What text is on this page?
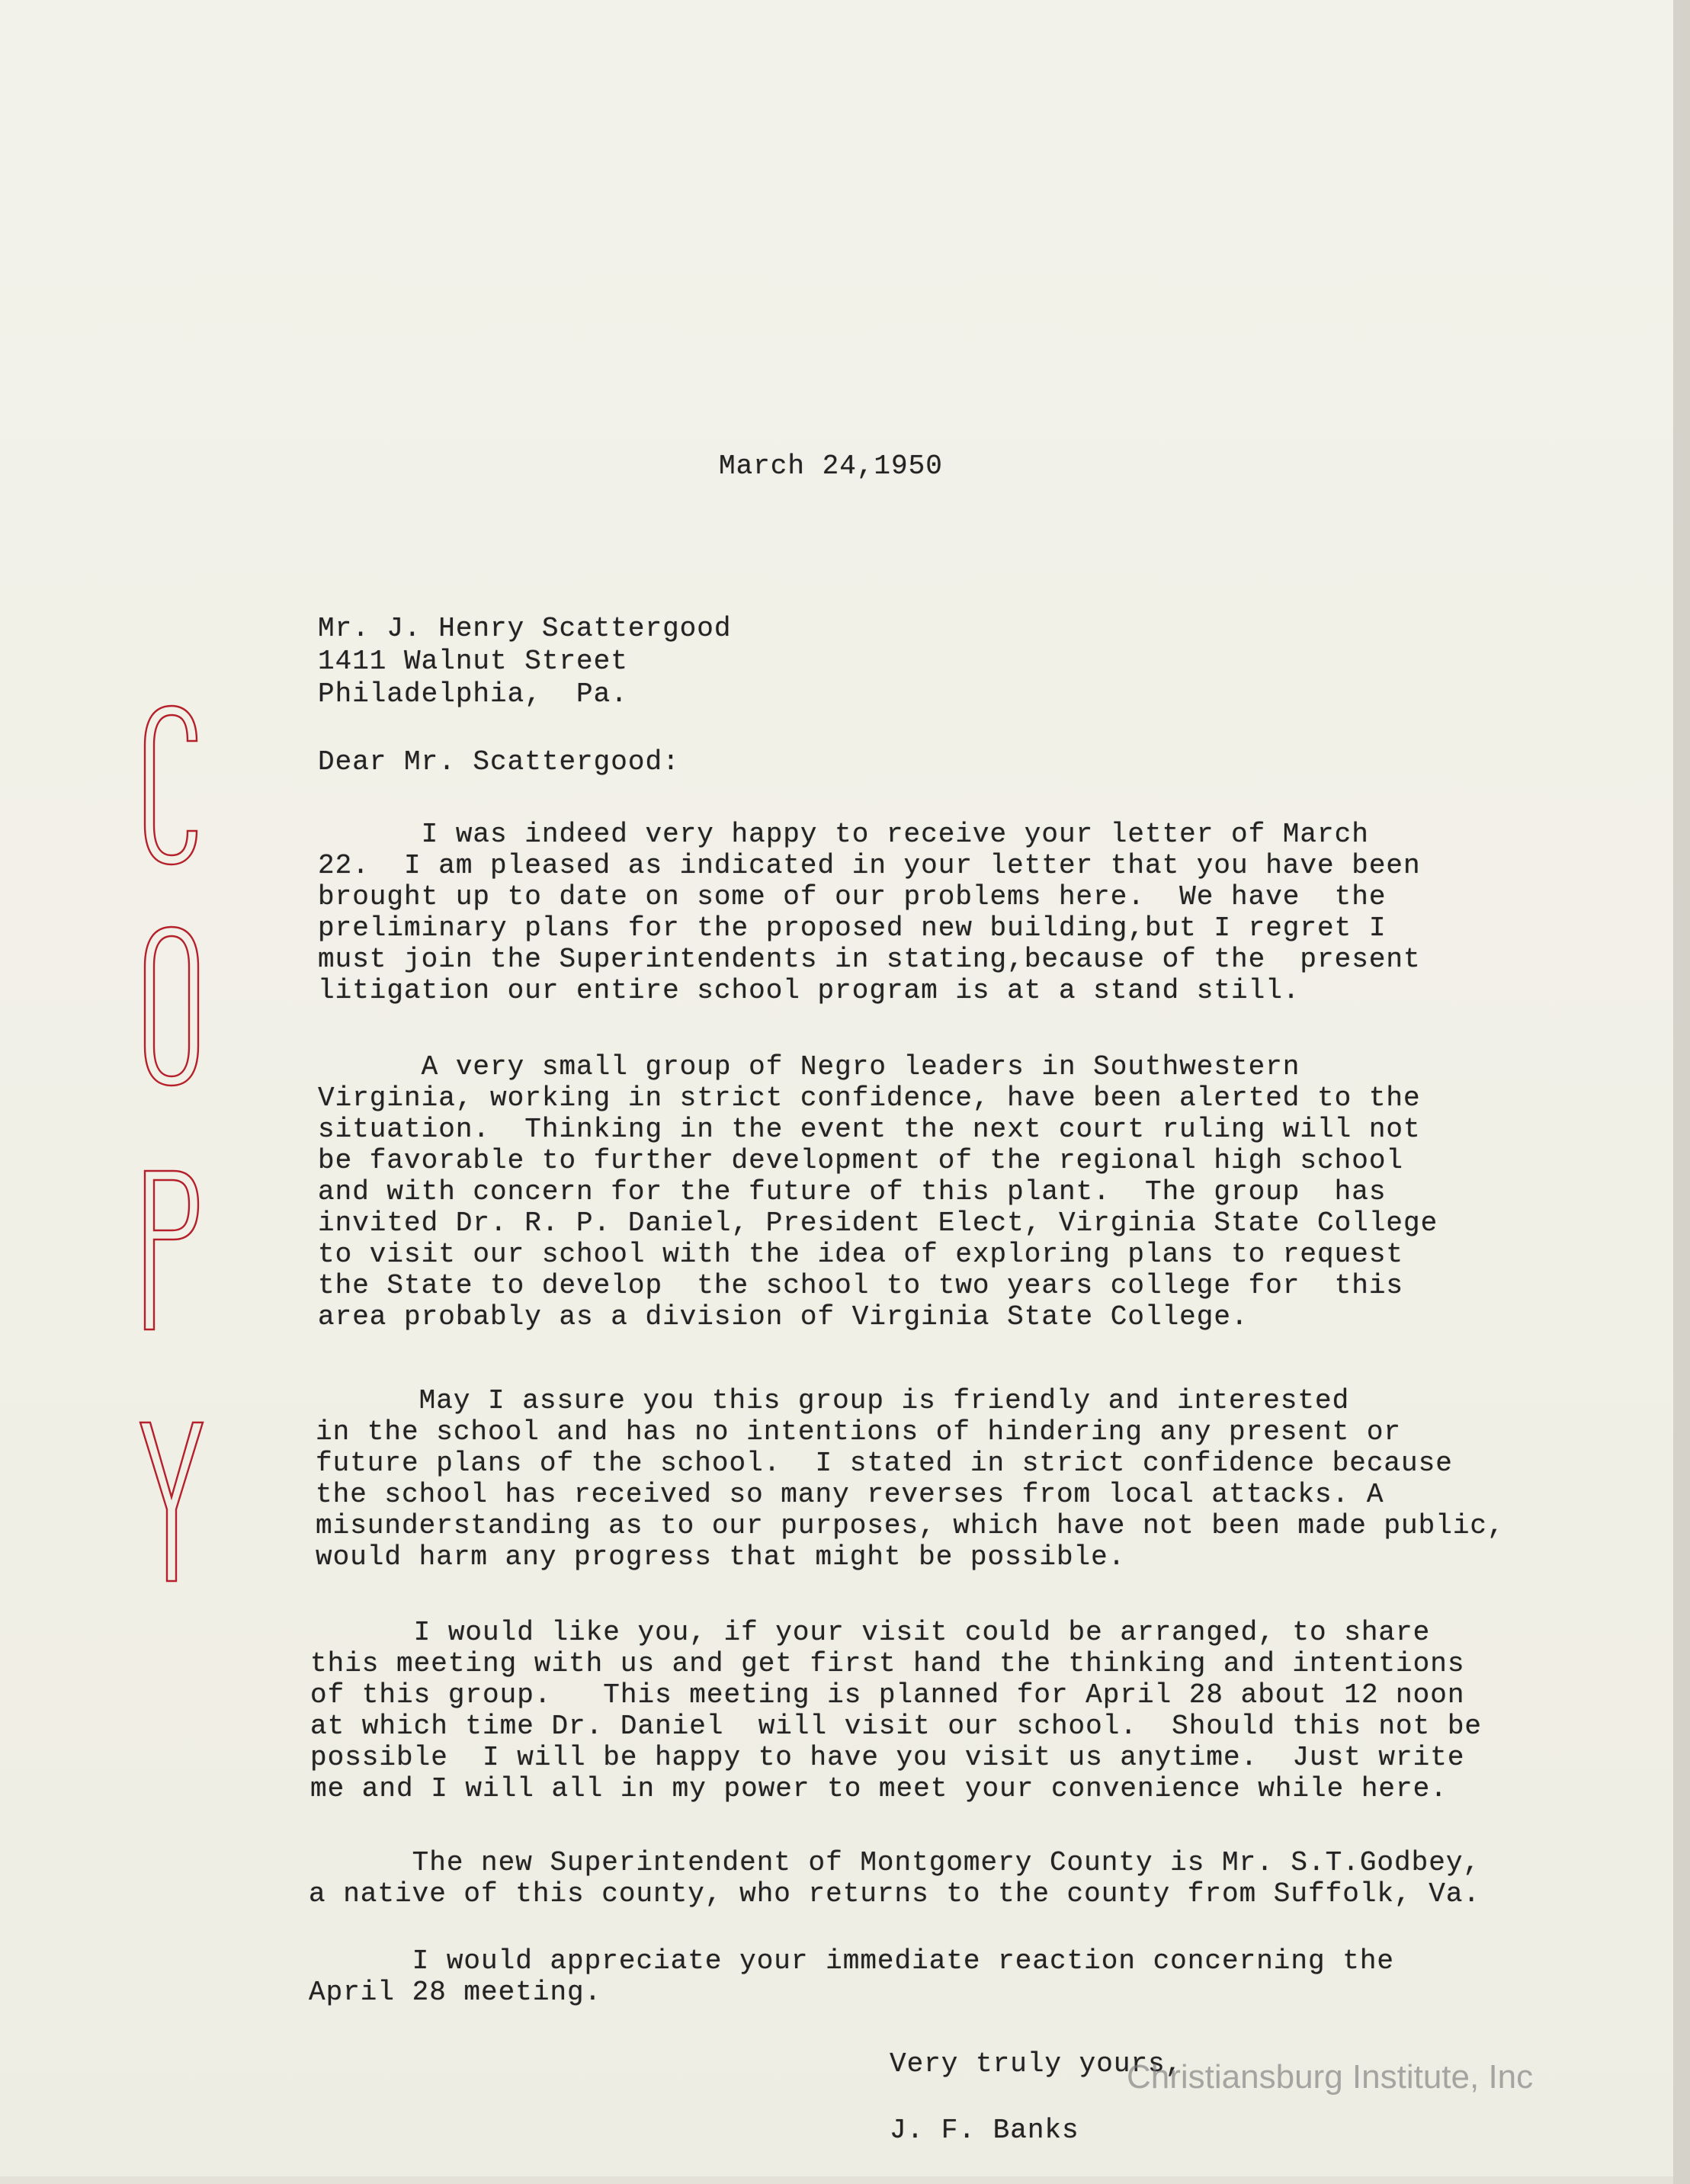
March 24,1950

Mr. J. Henry Scattergood

1411 Walnut Street

Philadelphia,  Pa.

Dear Mr. Scattergood:

I was indeed very happy to receive your letter of March
22.  I am pleased as indicated in your letter that you have been
brought up to date on some of our problems here.  We have  the
preliminary plans for the proposed new building,but I regret I
must join the Superintendents in stating,because of the  present
litigation our entire school program is at a stand still.

A very small group of Negro leaders in Southwestern
Virginia, working in strict confidence, have been alerted to the
situation.  Thinking in the event the next court ruling will not
be favorable to further development of the regional high school
and with concern for the future of this plant.  The group  has
invited Dr. R. P. Daniel, President Elect, Virginia State College
to visit our school with the idea of exploring plans to request
the State to develop  the school to two years college for  this
area probably as a division of Virginia State College.

May I assure you this group is friendly and interested
in the school and has no intentions of hindering any present or
future plans of the school.  I stated in strict confidence because
the school has received so many reverses from local attacks. A
misunderstanding as to our purposes, which have not been made public,
would harm any progress that might be possible.

I would like you, if your visit could be arranged, to share
this meeting with us and get first hand the thinking and intentions
of this group.   This meeting is planned for April 28 about 12 noon
at which time Dr. Daniel  will visit our school.  Should this not be
possible  I will be happy to have you visit us anytime.  Just write
me and I will all in my power to meet your convenience while here.

The new Superintendent of Montgomery County is Mr. S.T.Godbey,
a native of this county, who returns to the county from Suffolk, Va.

I would appreciate your immediate reaction concerning the
April 28 meeting.

Very truly yours,

J. F. Banks

Christiansburg Institute, Inc
